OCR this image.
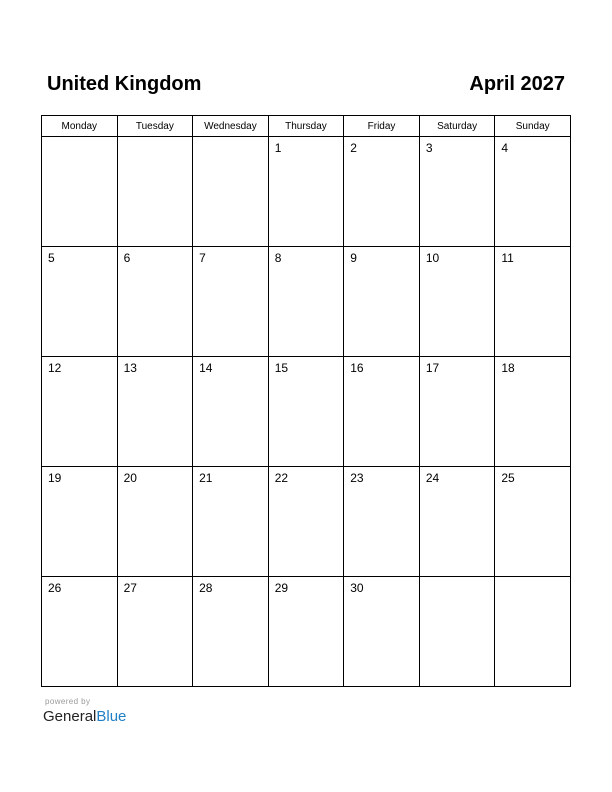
United Kingdom	April 2027
Monday	Tuesday	Wednesday	Thursday	Friday	Saturday	Sunday

			1	2	3	4

5	6	7	8	9	10	11

12	13	14	15	16	17	18

19	20	21	22	23	24	25

26	27	28	29	30		

powered by
GeneralBlue
